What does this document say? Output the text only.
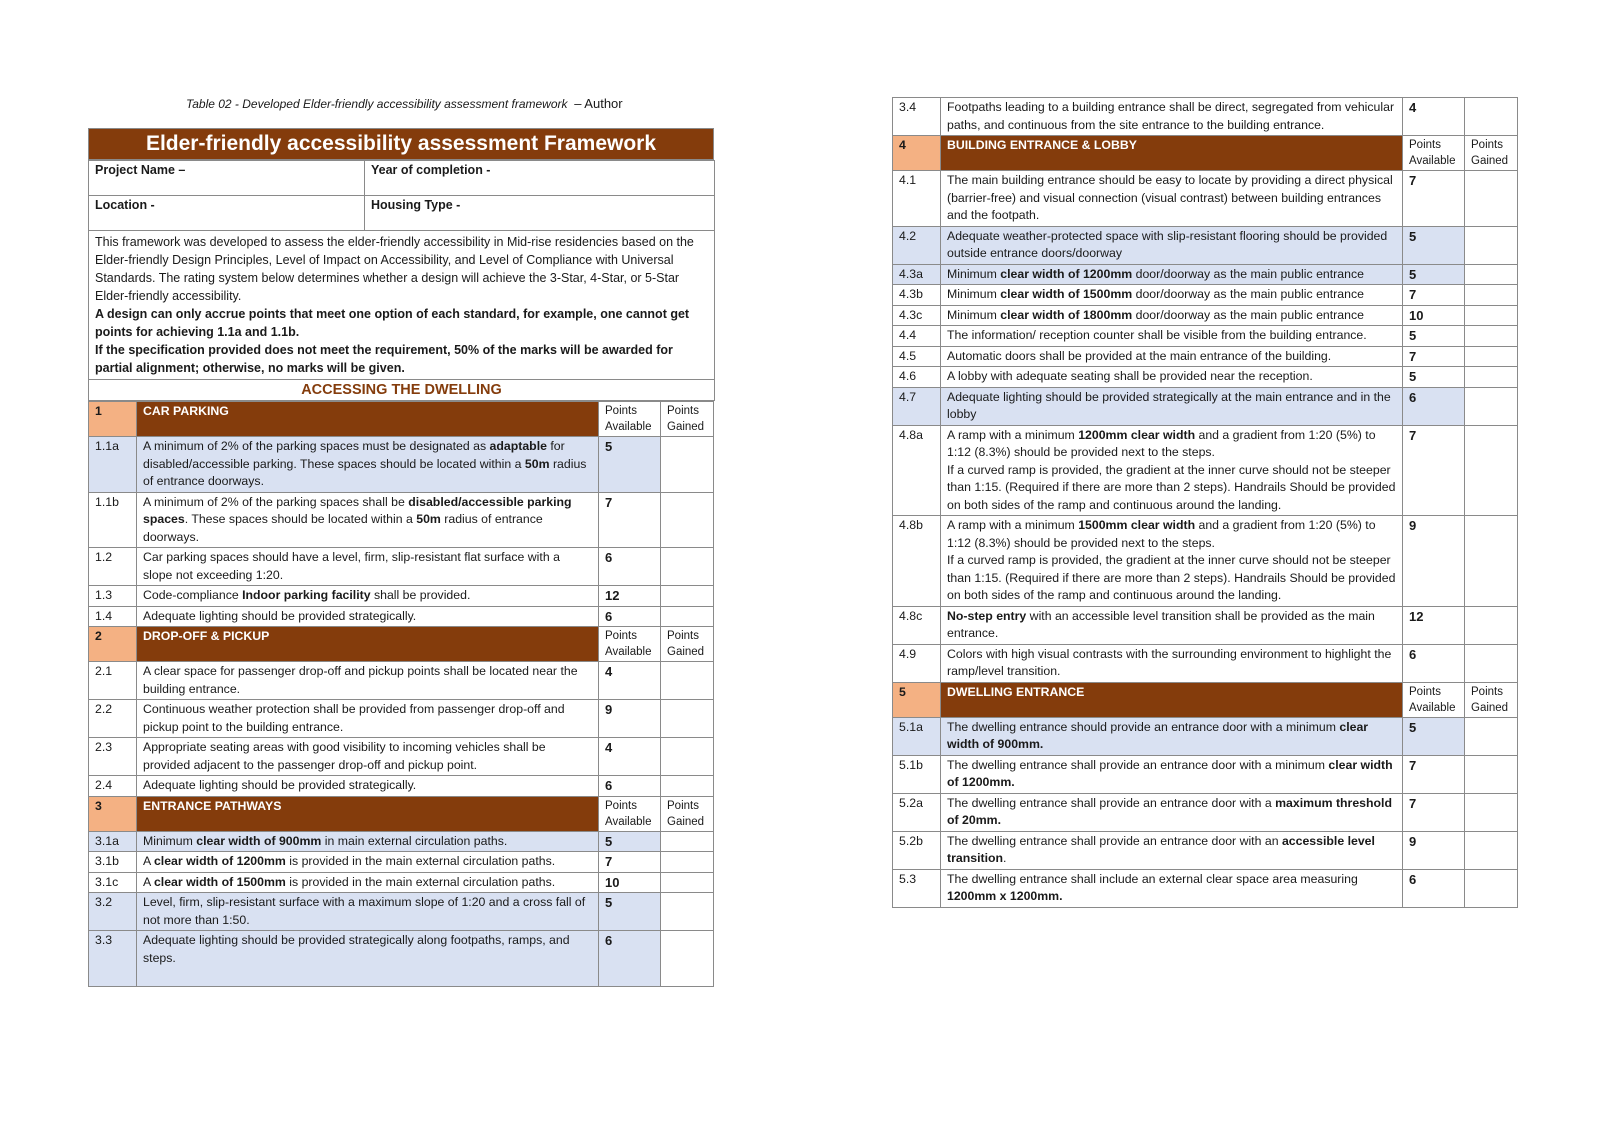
Table 02 - Developed Elder-friendly accessibility assessment framework – Author
Elder-friendly accessibility assessment Framework
Project Name –	Year of completion -
Location -	Housing Type -
This framework was developed to assess the elder-friendly accessibility in Mid-rise residencies based on the Elder-friendly Design Principles, Level of Impact on Accessibility, and Level of Compliance with Universal Standards. The rating system below determines whether a design will achieve the 3-Star, 4-Star, or 5-Star Elder-friendly accessibility.
A design can only accrue points that meet one option of each standard, for example, one cannot get points for achieving 1.1a and 1.1b.
If the specification provided does not meet the requirement, 50% of the marks will be awarded for partial alignment; otherwise, no marks will be given.	
ACCESSING THE DWELLING	
1	CAR PARKING	Points Available	Points Gained
1.1a	A minimum of 2% of the parking spaces must be designated as adaptable for disabled/accessible parking. These spaces should be located within a 50m radius of entrance doorways.	5	
1.1b	A minimum of 2% of the parking spaces shall be disabled/accessible parking spaces. These spaces should be located within a 50m radius of entrance doorways.	7	
1.2	Car parking spaces should have a level, firm, slip-resistant flat surface with a slope not exceeding 1:20.	6	
1.3	Code-compliance Indoor parking facility shall be provided.	12	
1.4	Adequate lighting should be provided strategically.	6	
2	DROP-OFF & PICKUP	Points Available	Points Gained
2.1	A clear space for passenger drop-off and pickup points shall be located near the building entrance.	4	
2.2	Continuous weather protection shall be provided from passenger drop-off and pickup point to the building entrance.	9	
2.3	Appropriate seating areas with good visibility to incoming vehicles shall be provided adjacent to the passenger drop-off and pickup point.	4	
2.4	Adequate lighting should be provided strategically.	6	
3	ENTRANCE PATHWAYS	Points Available	Points Gained
3.1a	Minimum clear width of 900mm in main external circulation paths.	5	
3.1b	A clear width of 1200mm is provided in the main external circulation paths.	7	
3.1c	A clear width of 1500mm is provided in the main external circulation paths.	10	
3.2	Level, firm, slip-resistant surface with a maximum slope of 1:20 and a cross fall of not more than 1:50.	5	
3.3	Adequate lighting should be provided strategically along footpaths, ramps, and steps.	6	
3.4	Footpaths leading to a building entrance shall be direct, segregated from vehicular paths, and continuous from the site entrance to the building entrance.	4	
4	BUILDING ENTRANCE & LOBBY	Points Available	Points Gained
4.1	The main building entrance should be easy to locate by providing a direct physical (barrier-free) and visual connection (visual contrast) between building entrances and the footpath.	7	
4.2	Adequate weather-protected space with slip-resistant flooring should be provided outside entrance doors/doorway	5	
4.3a	Minimum clear width of 1200mm door/doorway as the main public entrance	5	
4.3b	Minimum clear width of 1500mm door/doorway as the main public entrance	7	
4.3c	Minimum clear width of 1800mm door/doorway as the main public entrance	10	
4.4	The information/ reception counter shall be visible from the building entrance.	5	
4.5	Automatic doors shall be provided at the main entrance of the building.	7	
4.6	A lobby with adequate seating shall be provided near the reception.	5	
4.7	Adequate lighting should be provided strategically at the main entrance and in the lobby	6	
4.8a	A ramp with a minimum 1200mm clear width and a gradient from 1:20 (5%) to 1:12 (8.3%) should be provided next to the steps.
If a curved ramp is provided, the gradient at the inner curve should not be steeper than 1:15. (Required if there are more than 2 steps). Handrails Should be provided on both sides of the ramp and continuous around the landing.	7	
4.8b	A ramp with a minimum 1500mm clear width and a gradient from 1:20 (5%) to 1:12 (8.3%) should be provided next to the steps.
If a curved ramp is provided, the gradient at the inner curve should not be steeper than 1:15. (Required if there are more than 2 steps). Handrails Should be provided on both sides of the ramp and continuous around the landing.	9	
4.8c	No-step entry with an accessible level transition shall be provided as the main entrance.	12	
4.9	Colors with high visual contrasts with the surrounding environment to highlight the ramp/level transition.	6	
5	DWELLING ENTRANCE	Points Available	Points Gained
5.1a	The dwelling entrance should provide an entrance door with a minimum clear width of 900mm.	5	
5.1b	The dwelling entrance shall provide an entrance door with a minimum clear width of 1200mm.	7	
5.2a	The dwelling entrance shall provide an entrance door with a maximum threshold of 20mm.	7	
5.2b	The dwelling entrance shall provide an entrance door with an accessible level transition.	9	
5.3	The dwelling entrance shall include an external clear space area measuring 1200mm x 1200mm.	6	
